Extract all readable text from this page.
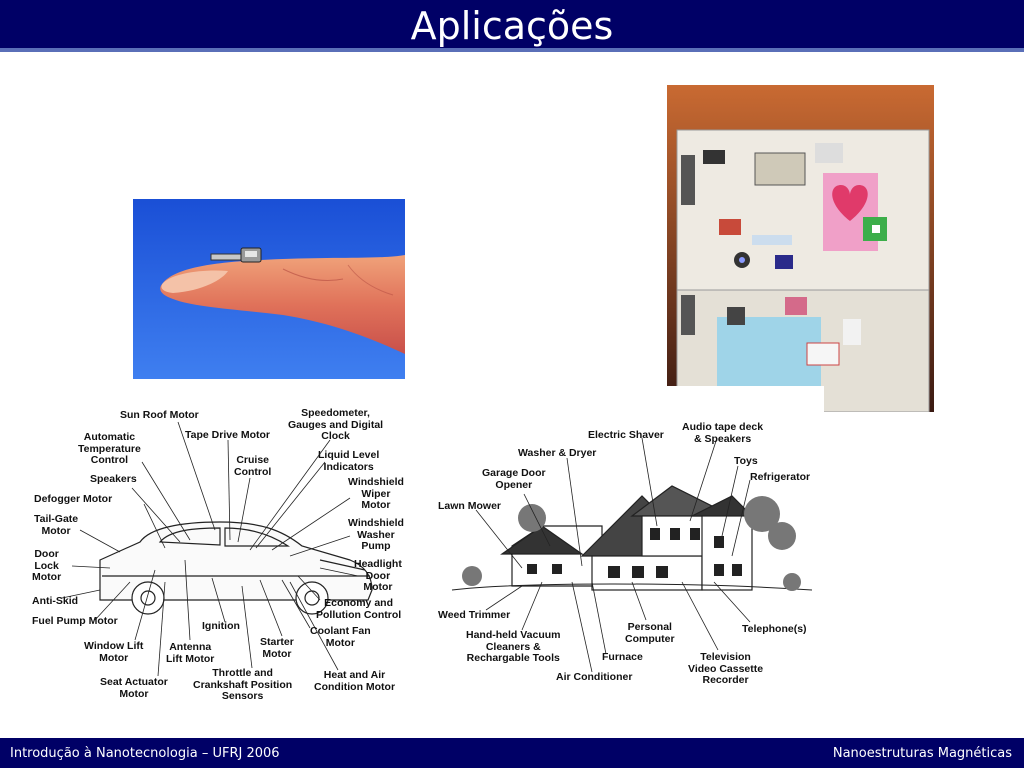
Aplicações
Sun Roof Motor	Speedometer,
Gauges and Digital
Clock
Automatic
Temperature
Control
Tape Drive Motor
Liquid Level
Indicators
Cruise
Control
Speakers	Windshield
Wiper
Motor
Defogger Motor
Windshield
Washer
Pump
Tail-Gate
Motor
Door
Lock
Motor
Headlight
Door
Motor
Anti-Skid	Economy and
Pollution Control
Fuel Pump Motor	Ignition	Coolant Fan
Motor
Window Lift
Motor
Antenna
Lift Motor
Starter
Motor
Seat Actuator
Motor
Throttle and
Crankshaft Position
Sensors
Heat and Air
Condition Motor
Electric Shaver
Audio tape deck
& Speakers
Washer & Dryer
Toys
Garage Door
Opener
Refrigerator
Lawn Mower
Weed Trimmer
Hand-held Vacuum
Cleaners &
Rechargable Tools
Personal
Computer
Telephone(s)
Furnace	Television
Video Cassette
Recorder
Air Conditioner
Introdução à Nanotecnologia – UFRJ 2006	Nanoestruturas Magnéticas
